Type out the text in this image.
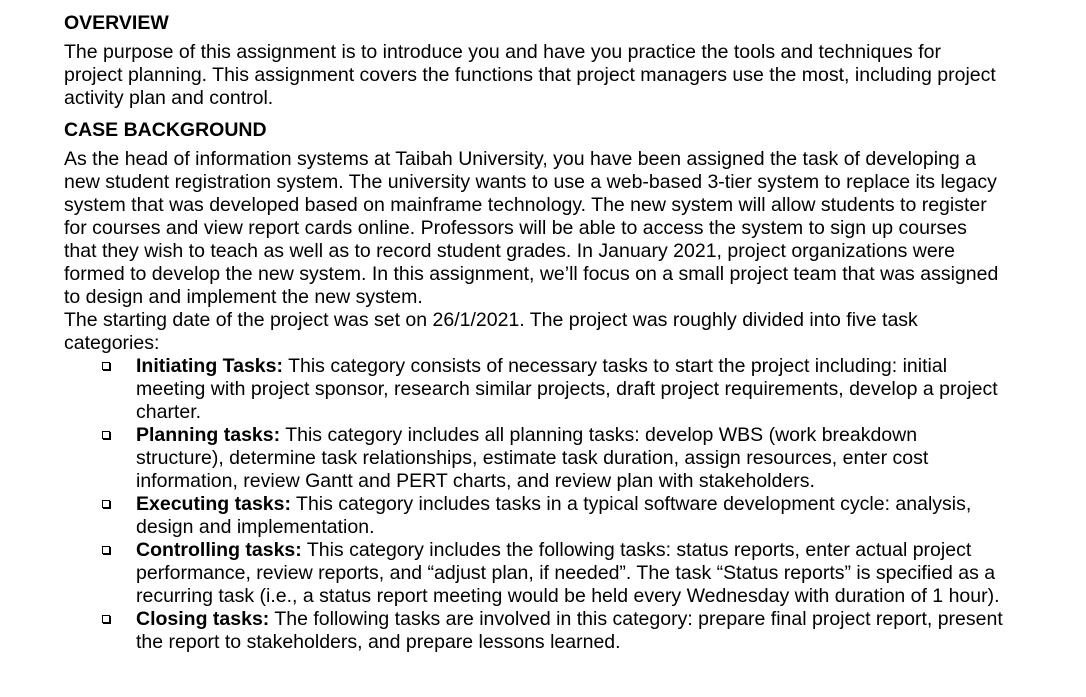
OVERVIEW

The purpose of this assignment is to introduce you and have you practice the tools and techniques for project planning. This assignment covers the functions that project managers use the most, including project activity plan and control.

CASE BACKGROUND

As the head of information systems at Taibah University, you have been assigned the task of developing a new student registration system. The university wants to use a web-based 3-tier system to replace its legacy system that was developed based on mainframe technology. The new system will allow students to register for courses and view report cards online. Professors will be able to access the system to sign up courses that they wish to teach as well as to record student grades. In January 2021, project organizations were formed to develop the new system. In this assignment, we’ll focus on a small project team that was assigned to design and implement the new system.

The starting date of the project was set on 26/1/2021. The project was roughly divided into five task categories:

Initiating Tasks: This category consists of necessary tasks to start the project including: initial meeting with project sponsor, research similar projects, draft project requirements, develop a project charter.
Planning tasks: This category includes all planning tasks: develop WBS (work breakdown structure), determine task relationships, estimate task duration, assign resources, enter cost information, review Gantt and PERT charts, and review plan with stakeholders.
Executing tasks: This category includes tasks in a typical software development cycle: analysis, design and implementation.
Controlling tasks: This category includes the following tasks: status reports, enter actual project performance, review reports, and “adjust plan, if needed”. The task “Status reports” is specified as a recurring task (i.e., a status report meeting would be held every Wednesday with duration of 1 hour).
Closing tasks: The following tasks are involved in this category: prepare final project report, present the report to stakeholders, and prepare lessons learned.
